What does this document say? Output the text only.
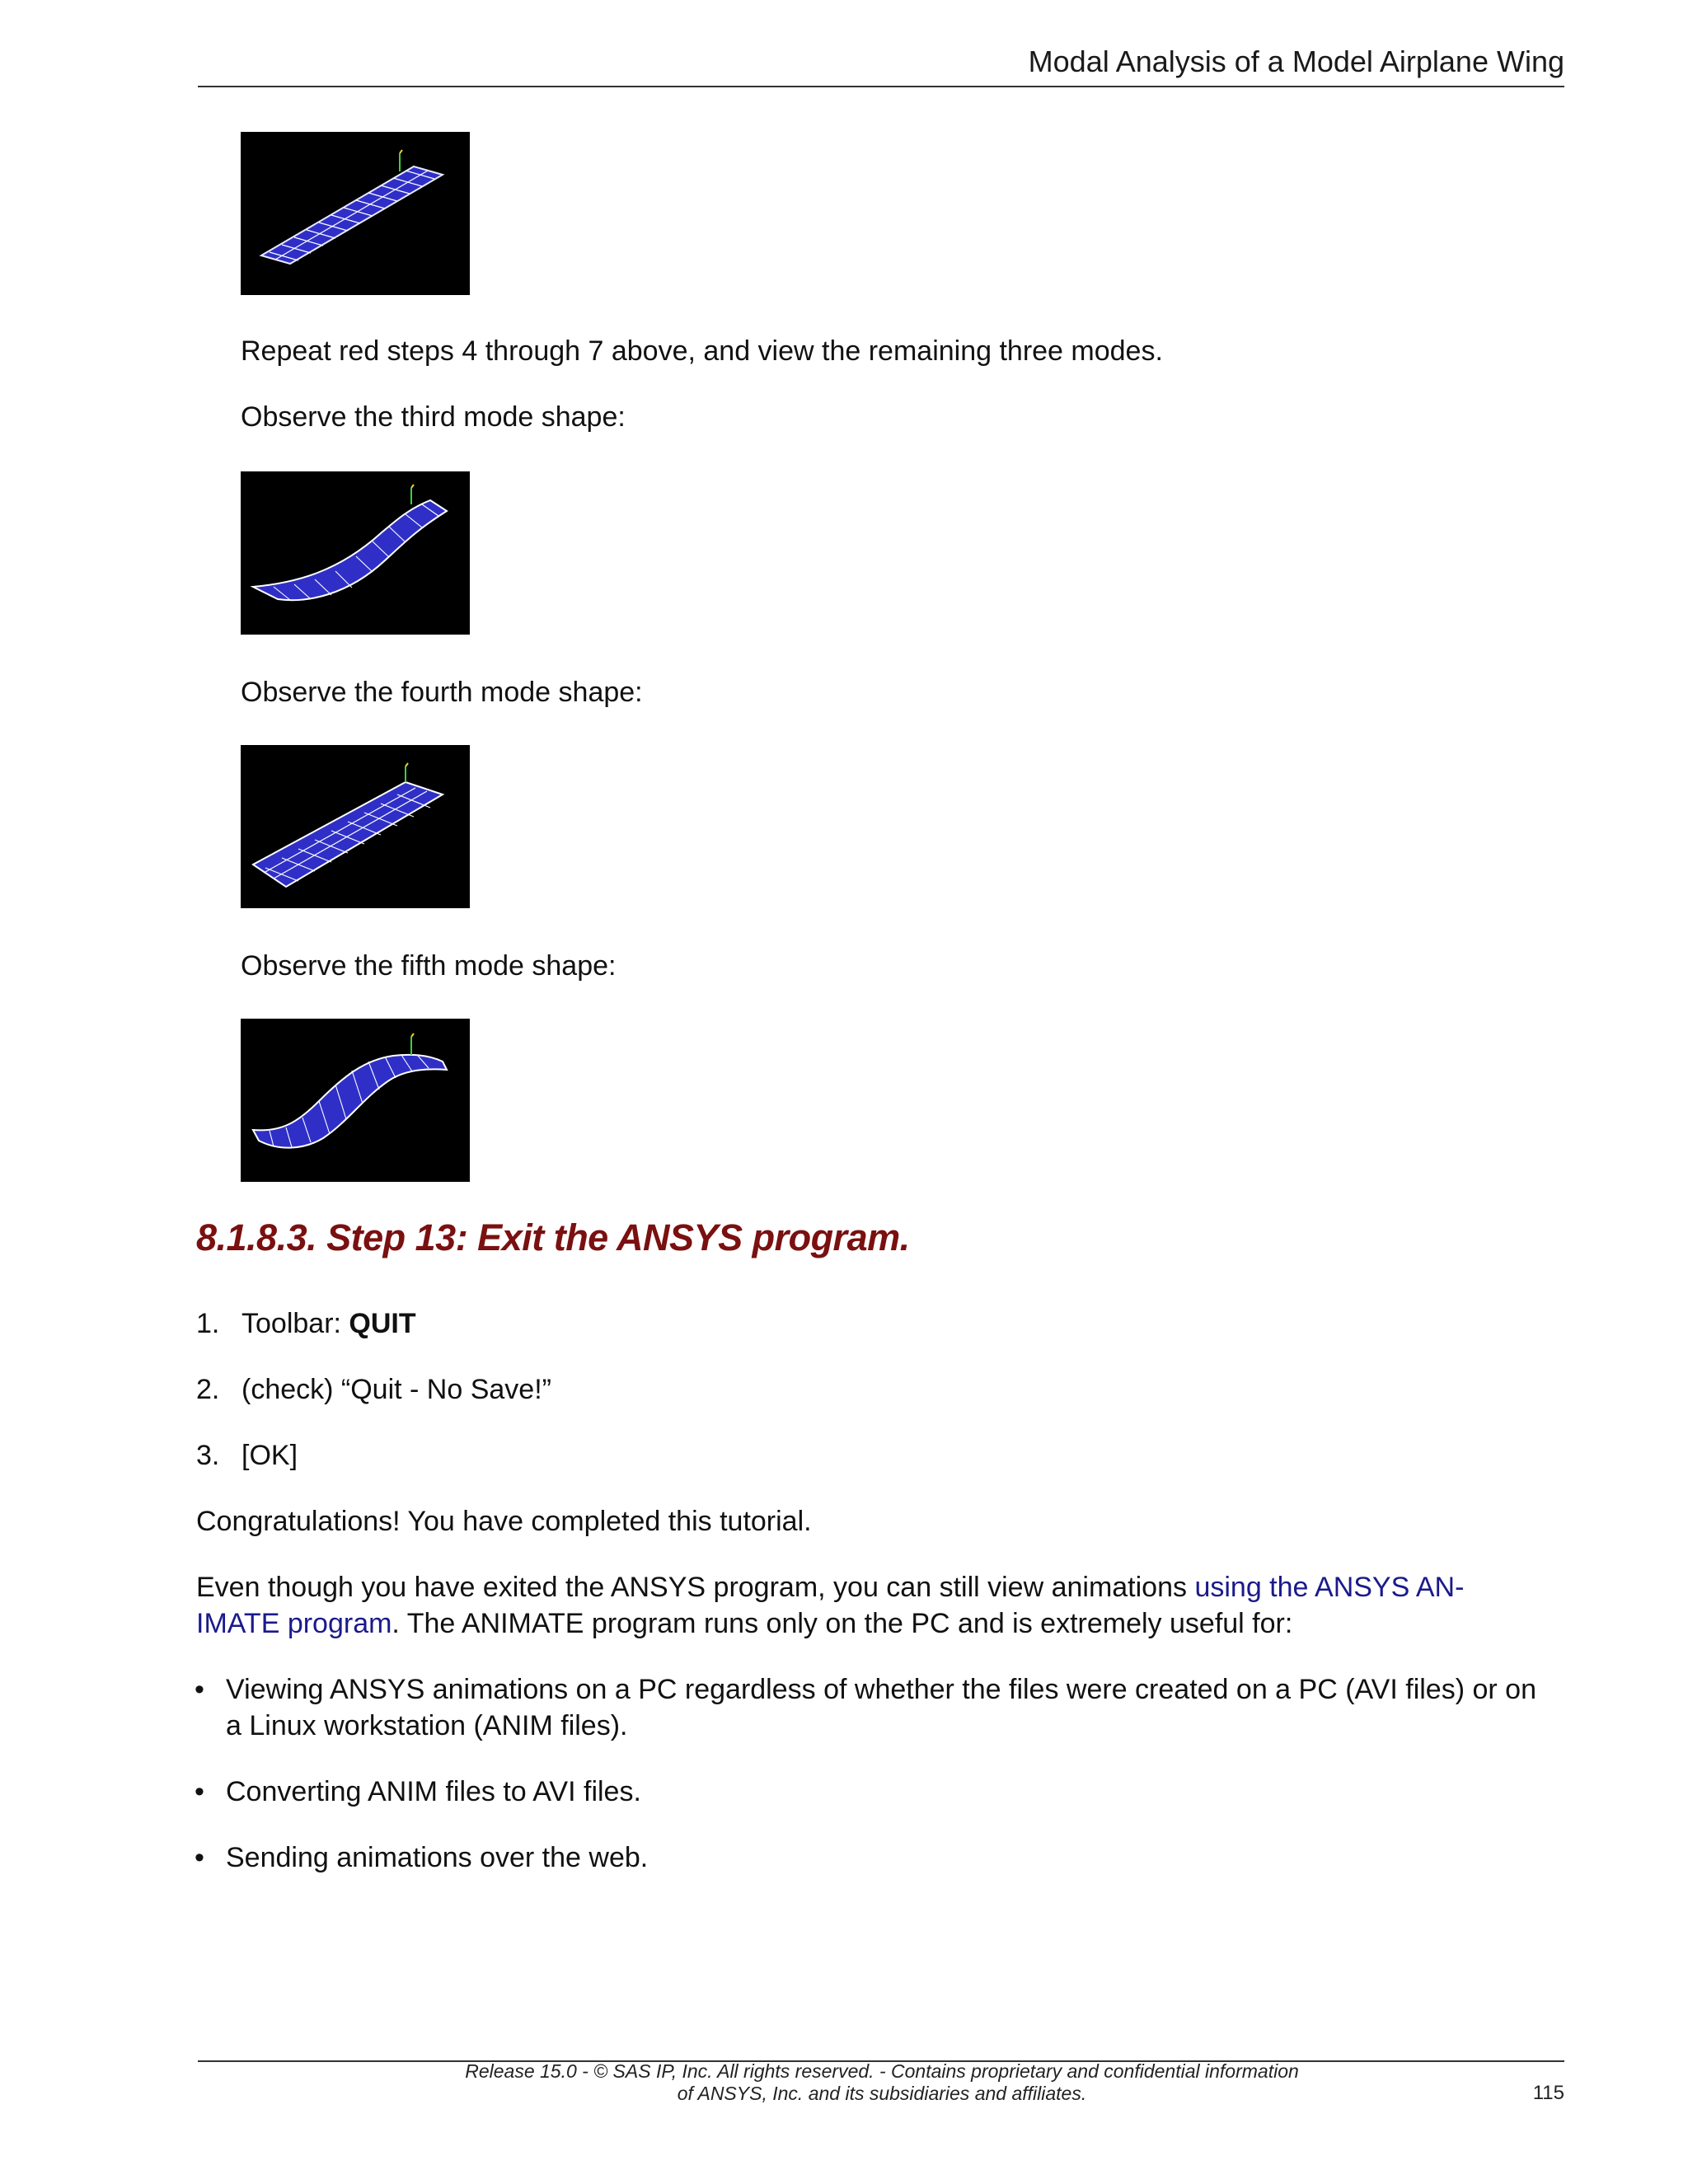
Modal Analysis of a Model Airplane Wing
Repeat red steps 4 through 7 above, and view the remaining three modes.
Observe the third mode shape:
Observe the fourth mode shape:
Observe the fifth mode shape:
8.1.8.3. Step 13: Exit the ANSYS program.
1. Toolbar: QUIT
2. (check) “Quit - No Save!”
3. [OK]
Congratulations! You have completed this tutorial.
Even though you have exited the ANSYS program, you can still view animations using the ANSYS AN-
IMATE program. The ANIMATE program runs only on the PC and is extremely useful for:
• Viewing ANSYS animations on a PC regardless of whether the files were created on a PC (AVI files) or on
a Linux workstation (ANIM files).
• Converting ANIM files to AVI files.
• Sending animations over the web.
Release 15.0 - © SAS IP, Inc. All rights reserved. - Contains proprietary and confidential information
of ANSYS, Inc. and its subsidiaries and affiliates.	115
